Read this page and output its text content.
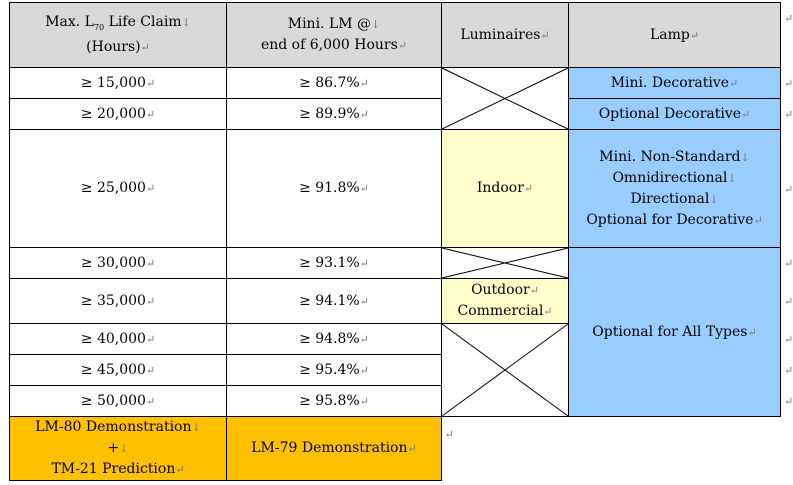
Max. $L_{70}$ Life Claim↓
(Hours)↵	Mini. LM @↓
end of 6,000 Hours↵	Luminaires↵	Lamp↵
≥ 15,000↵	≥ 86.7%↵		Mini. Decorative↵
≥ 20,000↵	≥ 89.9%↵		Optional Decorative↵
≥ 25,000↵	≥ 91.8%↵	Indoor↵	Mini. Non-Standard↓
Omnidirectional↓
Directional↓
Optional for Decorative↵

≥ 30,000↵	≥ 93.1%↵		Optional for All Types↵
≥ 35,000↵	≥ 94.1%↵	Outdoor↵
Commercial↵	

≥ 40,000↵	≥ 94.8%↵	

≥ 45,000↵	≥ 95.4%↵		
≥ 50,000↵	≥ 95.8%↵		

LM-80 Demonstration↓
+↓
TM-21 Prediction↵	LM-79 Demonstration↵		
↵
↵
↵
↵
↵
↵
↵
↵
↵
↵
